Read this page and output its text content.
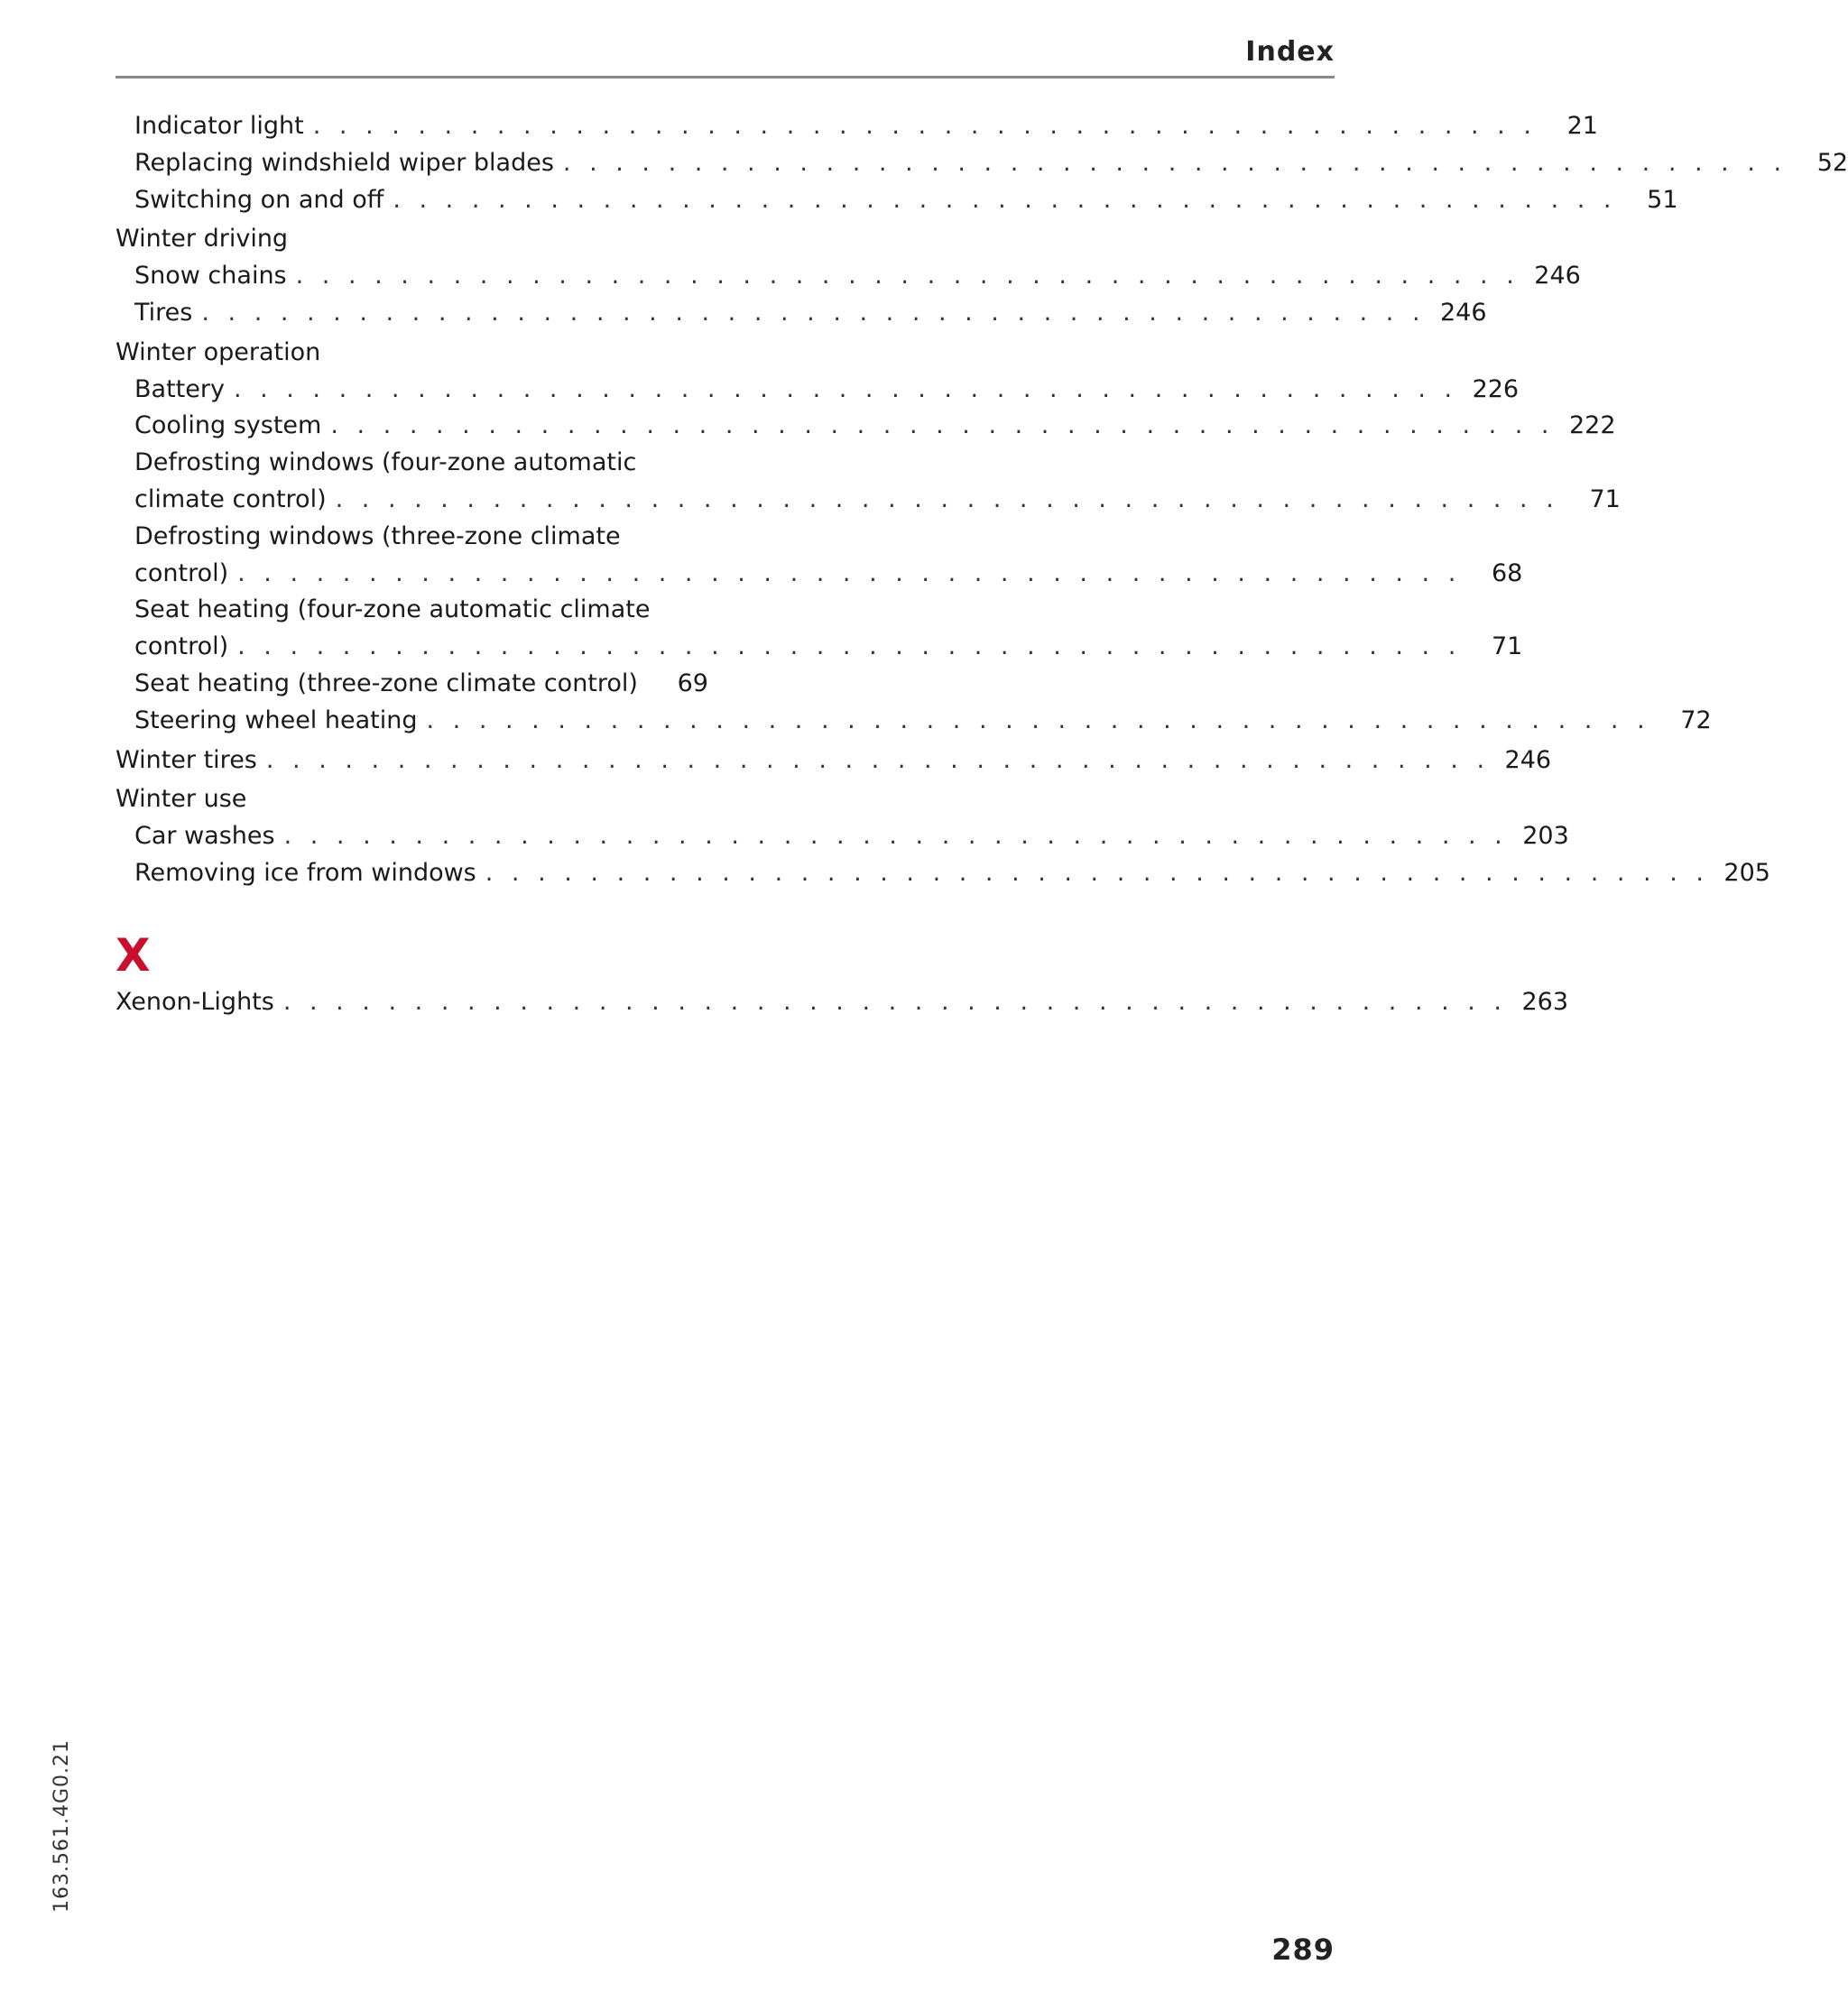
Index
Indicator light . . . . . . . . . . . . . . . . . . . . . . . . . . . . . . . . . . . . . . . . . . . . . . .	21
Replacing windshield wiper blades . . . . . . . . . . . . . . . . . . . . . . . . . . . . . . . . . . . . . . . . . . . . . . .	52
Switching on and off . . . . . . . . . . . . . . . . . . . . . . . . . . . . . . . . . . . . . . . . . . . . . . .	51
Winter driving
Snow chains . . . . . . . . . . . . . . . . . . . . . . . . . . . . . . . . . . . . . . . . . . . . . . . 246
Tires . . . . . . . . . . . . . . . . . . . . . . . . . . . . . . . . . . . . . . . . . . . . . . . 246
Winter operation
Battery . . . . . . . . . . . . . . . . . . . . . . . . . . . . . . . . . . . . . . . . . . . . . . . 226
Cooling system . . . . . . . . . . . . . . . . . . . . . . . . . . . . . . . . . . . . . . . . . . . . . . . 222
Defrosting windows (four-zone automatic
climate control) . . . . . . . . . . . . . . . . . . . . . . . . . . . . . . . . . . . . . . . . . . . . . . .	71
Defrosting windows (three-zone climate
control) . . . . . . . . . . . . . . . . . . . . . . . . . . . . . . . . . . . . . . . . . . . . . . .	68
Seat heating (four-zone automatic climate
control) . . . . . . . . . . . . . . . . . . . . . . . . . . . . . . . . . . . . . . . . . . . . . . .	71
Seat heating (three-zone climate control)	69
Steering wheel heating . . . . . . . . . . . . . . . . . . . . . . . . . . . . . . . . . . . . . . . . . . . . . . .	72
Winter tires . . . . . . . . . . . . . . . . . . . . . . . . . . . . . . . . . . . . . . . . . . . . . . . 246
Winter use
Car washes . . . . . . . . . . . . . . . . . . . . . . . . . . . . . . . . . . . . . . . . . . . . . . . 203
Removing ice from windows . . . . . . . . . . . . . . . . . . . . . . . . . . . . . . . . . . . . . . . . . . . . . . . 205
X
Xenon-Lights . . . . . . . . . . . . . . . . . . . . . . . . . . . . . . . . . . . . . . . . . . . . . . . 263
163.561.4G0.21
289
